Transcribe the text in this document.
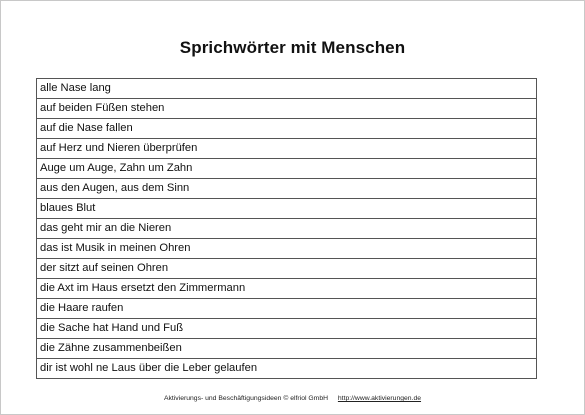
Sprichwörter mit Menschen
alle Nase lang
auf beiden Füßen stehen
auf die Nase fallen
auf Herz und Nieren überprüfen
Auge um Auge, Zahn um Zahn
aus den Augen, aus dem Sinn
blaues Blut
das geht mir an die Nieren
das ist Musik in meinen Ohren
der sitzt auf seinen Ohren
die Axt im Haus ersetzt den Zimmermann
die Haare raufen
die Sache hat Hand und Fuß
die Zähne zusammenbeißen
dir ist wohl ne Laus über die Leber gelaufen
Aktivierungs- und Beschäftigungsideen © elfriol GmbH http://www.aktivierungen.de
